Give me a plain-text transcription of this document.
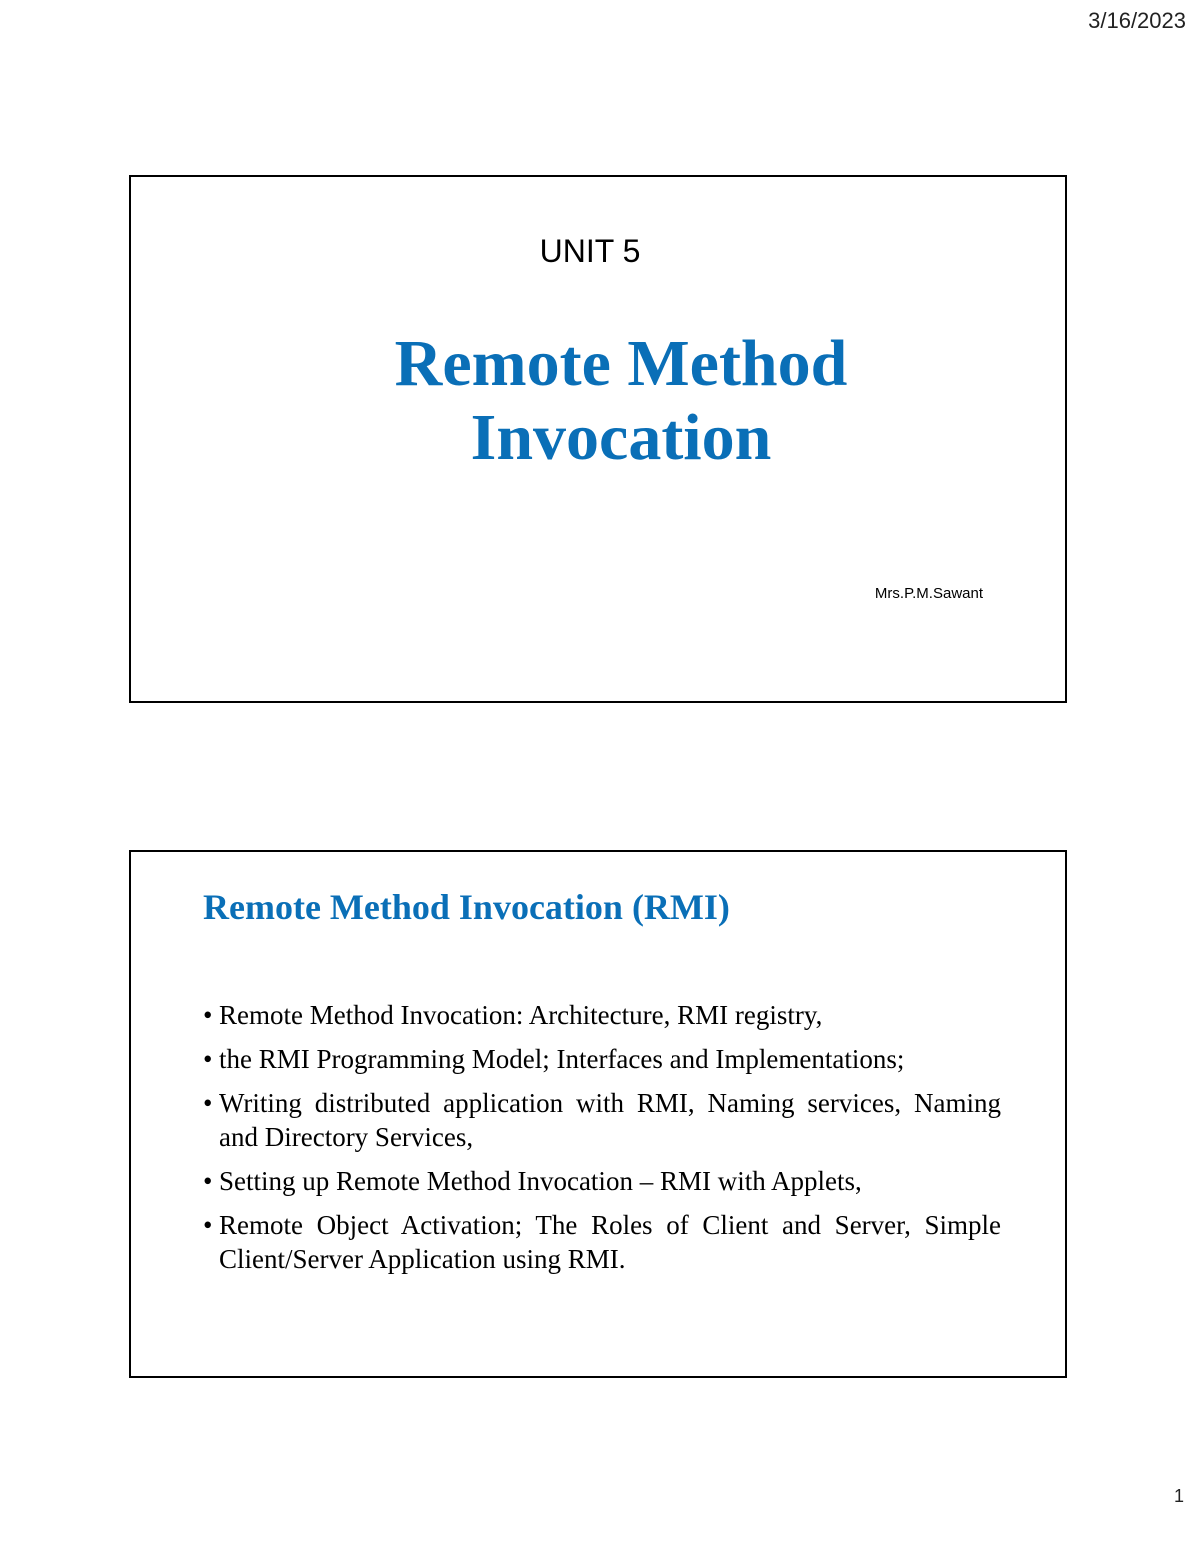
3/16/2023
UNIT 5
Remote Method
Invocation
Mrs.P.M.Sawant
Remote Method Invocation (RMI)
• Remote Method Invocation: Architecture, RMI registry,
• the RMI Programming Model; Interfaces and Implementations;
• Writing distributed application with RMI, Naming services, Naming and Directory Services,
• Setting up Remote Method Invocation – RMI with Applets,
• Remote Object Activation; The Roles of Client and Server, Simple Client/Server Application using RMI.
1
